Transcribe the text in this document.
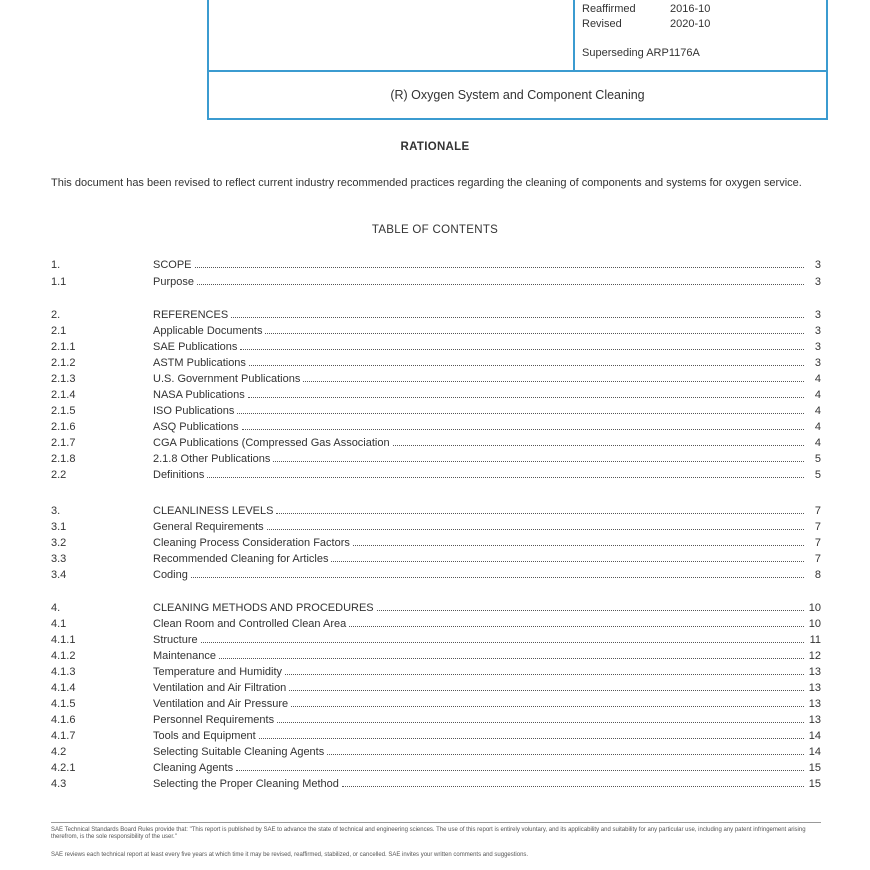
Reaffirmed	2016-10
Revised	2020-10
Superseding ARP1176A
(R) Oxygen System and Component Cleaning
RATIONALE
This document has been revised to reflect current industry recommended practices regarding the cleaning of components and systems for oxygen service.
TABLE OF CONTENTS
1.	SCOPE	3
1.1	Purpose	3
2.	REFERENCES	3
2.1	Applicable Documents	3
2.1.1	SAE Publications	3
2.1.2	ASTM Publications	3
2.1.3	U.S. Government Publications	4
2.1.4	NASA Publications	4
2.1.5	ISO Publications	4
2.1.6	ASQ Publications	4
2.1.7	CGA Publications (Compressed Gas Association	4
2.1.8	2.1.8 Other Publications	5
2.2	Definitions	5
3.	CLEANLINESS LEVELS	7
3.1	General Requirements	7
3.2	Cleaning Process Consideration Factors	7
3.3	Recommended Cleaning for Articles	7
3.4	Coding	8
4.	CLEANING METHODS AND PROCEDURES	10
4.1	Clean Room and Controlled Clean Area	10
4.1.1	Structure	11
4.1.2	Maintenance	12
4.1.3	Temperature and Humidity	13
4.1.4	Ventilation and Air Filtration	13
4.1.5	Ventilation and Air Pressure	13
4.1.6	Personnel Requirements	13
4.1.7	Tools and Equipment	14
4.2	Selecting Suitable Cleaning Agents	14
4.2.1	Cleaning Agents	15
4.3	Selecting the Proper Cleaning Method	15
SAE Technical Standards Board Rules provide that: "This report is published by SAE to advance the state of technical and engineering sciences. The use of this report is entirely voluntary, and its applicability and suitability for any particular use, including any patent infringement arising therefrom, is the sole responsibility of the user."
SAE reviews each technical report at least every five years at which time it may be revised, reaffirmed, stabilized, or cancelled. SAE invites your written comments and suggestions.
